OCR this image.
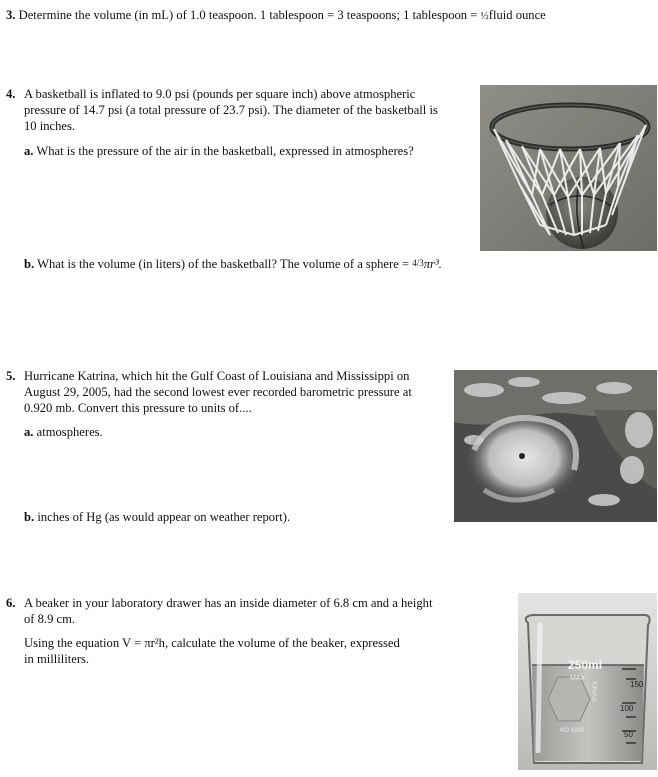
3. Determine the volume (in mL) of 1.0 teaspoon. 1 tablespoon = 3 teaspoons; 1 tablespoon = ½fluid ounce
4. A basketball is inflated to 9.0 psi (pounds per square inch) above atmospheric
pressure of 14.7 psi (a total pressure of 23.7 psi). The diameter of the basketball is
10 inches.
a. What is the pressure of the air in the basketball, expressed in atmospheres?
b. What is the volume (in liters) of the basketball? The volume of a sphere = 4/3πr³.
5. Hurricane Katrina, which hit the Gulf Coast of Louisiana and Mississippi on
August 29, 2005, had the second lowest ever recorded barometric pressure at
0.920 mb. Convert this pressure to units of....
a. atmospheres.
b. inches of Hg (as would appear on weather report).
6. A beaker in your laboratory drawer has an inside diameter of 6.8 cm and a height
of 8.9 cm.
Using the equation V = πr²h, calculate the volume of the beaker, expressed
in milliliters.	250ml
MAX
150
100
50
PYREX
NO 1000
